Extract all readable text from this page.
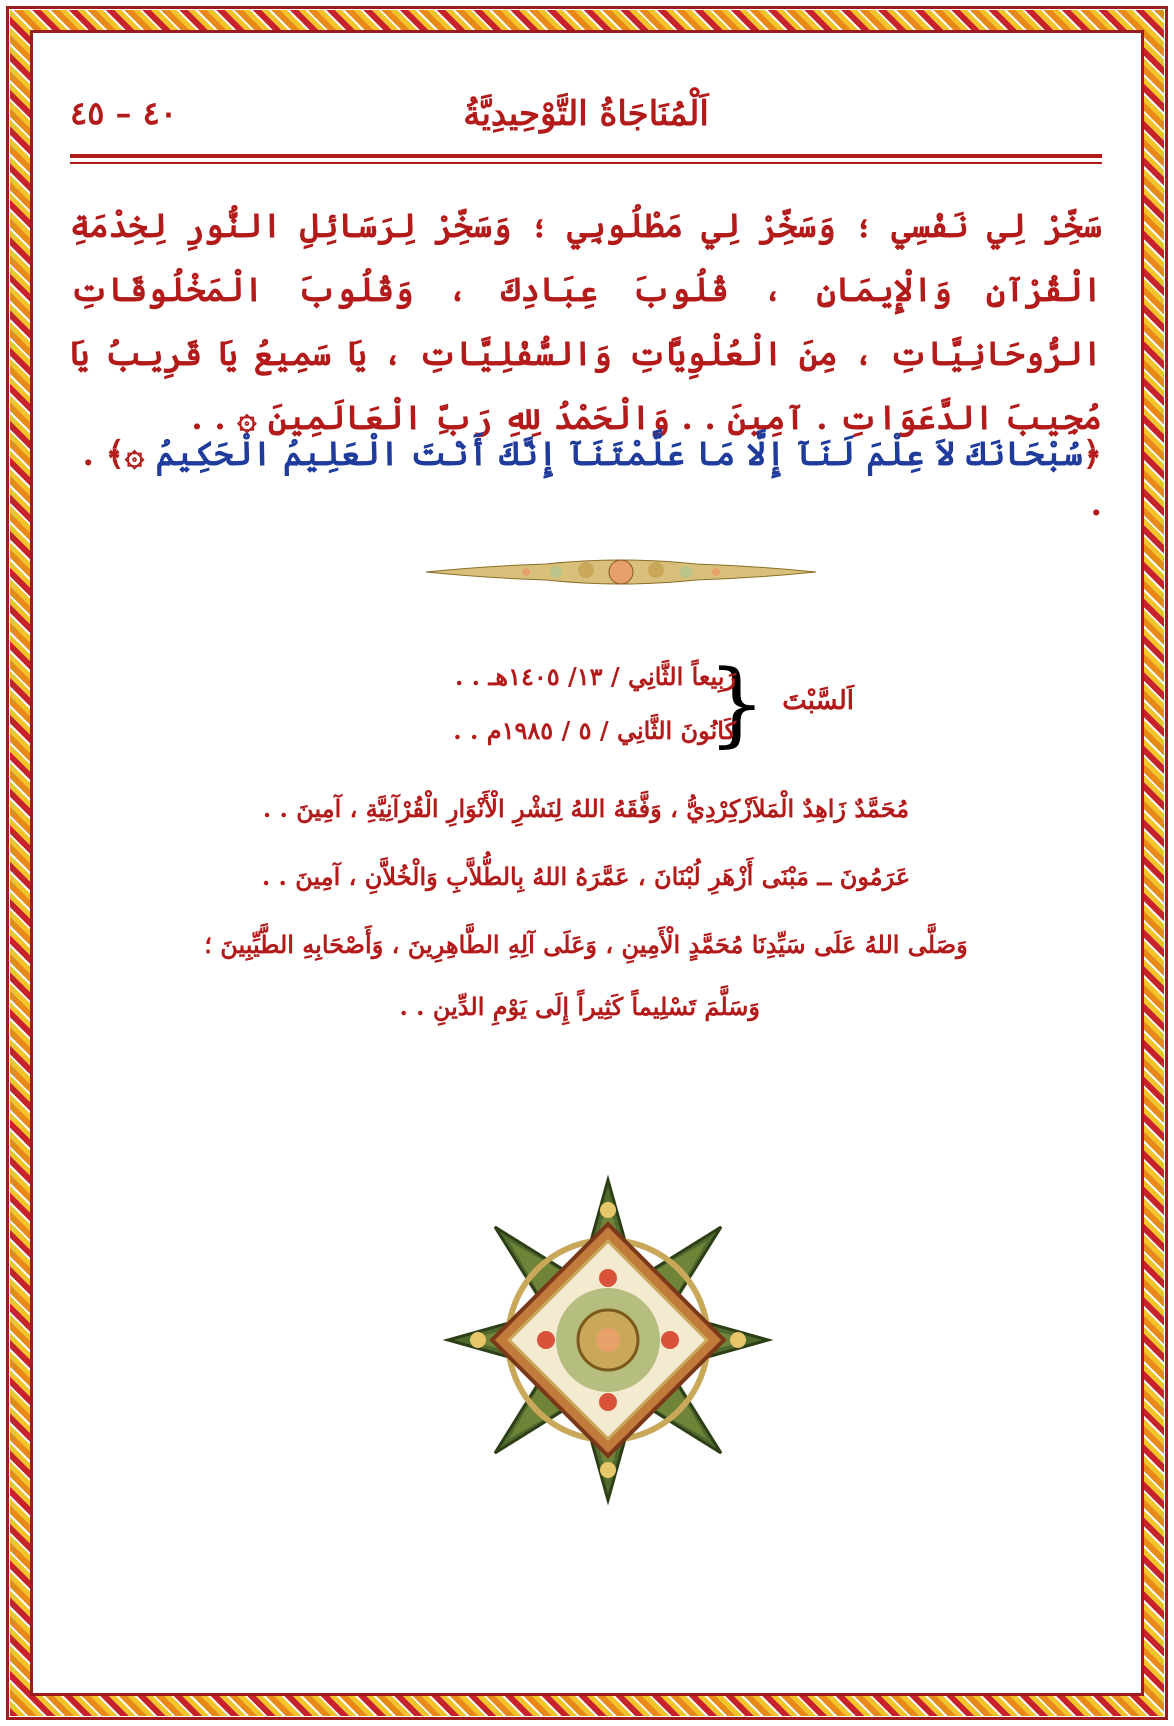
اَلْمُنَاجَاةُ التَّوْحِيدِيَّةُ
٤٠ – ٤٥
سَخِّرْ لِي نَفْسِي ؛ وَسَخِّرْ لِي مَطْلُوبِي ؛ وَسَخِّرْ لِرَسَائِلِ النُّورِ لِخِدْمَةِ الْقُرْآنِ وَالْإِيمَانِ ، قُلُوبَ عِبَادِكَ ، وَقُلُوبَ الْمَخْلُوقَاتِ الرُّوحَانِيَّاتِ ، مِنَ الْعُلْوِيَّاتِ وَالسُّفْلِيَّاتِ ، يَا سَمِيعُ يَا قَرِيبُ يَا مُجِيبَ الدَّعَوَاتِ . آمِينَ . . وَالْحَمْدُ لِلهِ رَبِّ الْعَالَمِينَ ۞ . .
﴿سُبْحَانَكَ لاَ عِلْمَ لَنَآ إِلَّا مَا عَلَّمْتَنَآ إِنَّكَ أَنْتَ الْعَلِيمُ الْحَكِيمُ ۞﴾ . .
اَلسَّبْتَ
{
رَبِيعاً الثَّانِي / ١٣/ ١٤٠٥هـ . .
كَانُونَ الثَّانِي / ٥ / ١٩٨٥م . .
مُحَمَّدٌ زَاهِدٌ الْمَلاَزْكِرْدِيُّ ، وَفَّقَهُ اللهُ لِنَشْرِ الْأَنْوَارِ الْقُرْآنِيَّةِ ، آمِينَ . .
عَرَمُونَ ــ مَبْنَى أَزْهَرِ لُبْنَانَ ، عَمَّرَهُ اللهُ بِالطُّلاَّبِ وَالْخُلاَّنِ ، آمِينَ . .
وَصَلَّى اللهُ عَلَى سَيِّدِنَا مُحَمَّدٍ الْأَمِينِ ، وَعَلَى آلِهِ الطَّاهِرِينَ ، وَأَصْحَابِهِ الطَّيِّبِينَ ؛
وَسَلَّمَ تَسْلِيماً كَثِيراً إِلَى يَوْمِ الدِّينِ . .
